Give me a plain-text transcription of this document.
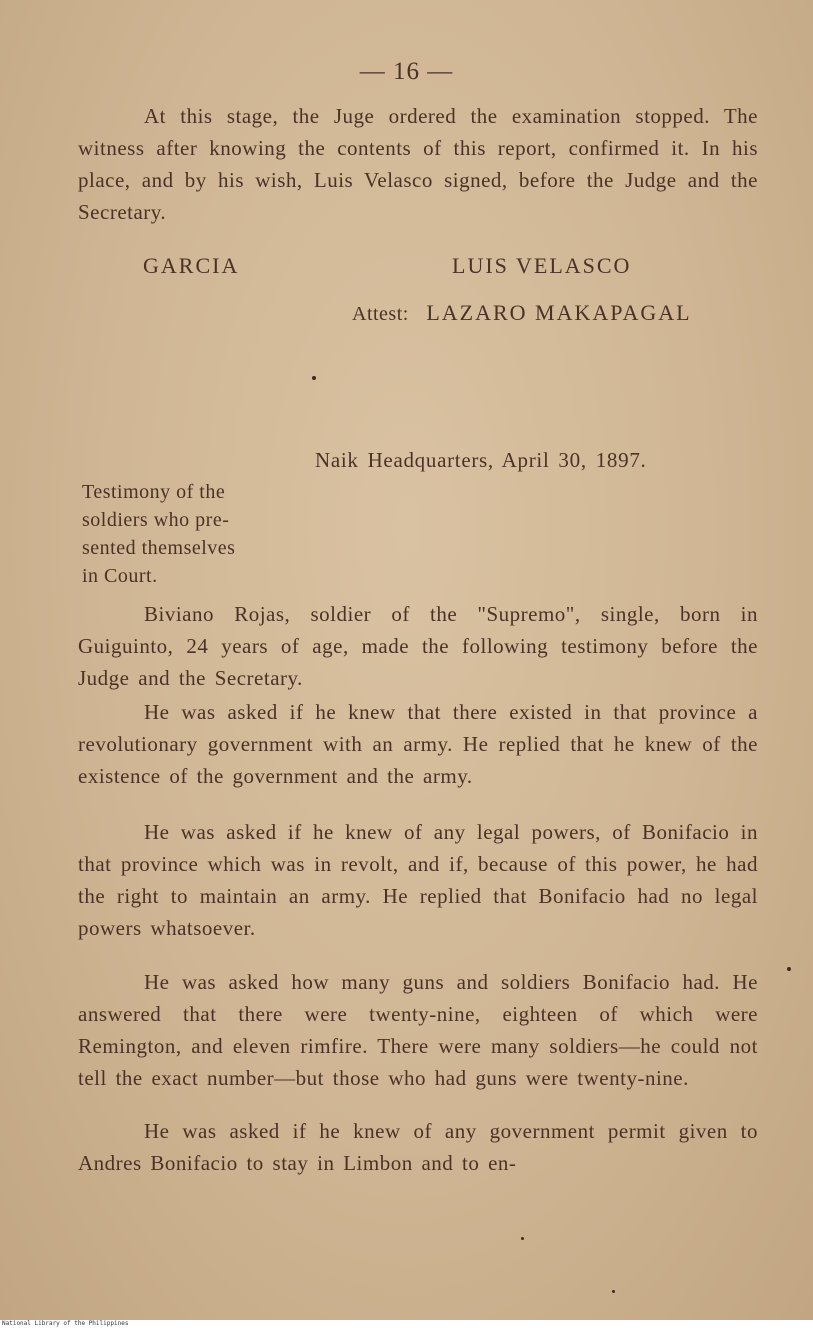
— 16 —

At this stage, the Juge ordered the examination stopped. The witness after knowing the contents of this report, confirmed it. In his place, and by his wish, Luis Velasco signed, before the Judge and the Secretary.

GARCIA	LUIS VELASCO
Attest: LAZARO MAKAPAGAL
Naik Headquarters, April 30, 1897.
Testimony of the
soldiers who pre-
sented themselves
in Court.

Biviano Rojas, soldier of the "Supremo", single, born in Guiguinto, 24 years of age, made the following testimony before the Judge and the Secretary.

He was asked if he knew that there existed in that province a revolutionary government with an army. He replied that he knew of the existence of the government and the army.

He was asked if he knew of any legal powers, of Bonifacio in that province which was in revolt, and if, because of this power, he had the right to maintain an army. He replied that Bonifacio had no legal powers whatsoever.

He was asked how many guns and soldiers Bonifacio had. He answered that there were twenty-nine, eighteen of which were Remington, and eleven rimfire. There were many soldiers—he could not tell the exact number—but those who had guns were twenty-nine.

He was asked if he knew of any government permit given to Andres Bonifacio to stay in Limbon and to en-

National Library of the Philippines
